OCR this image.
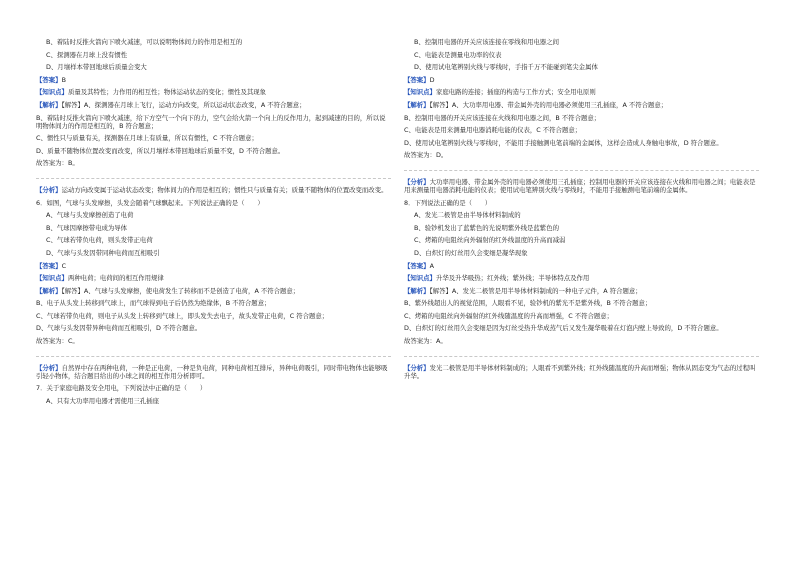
B、着陆时反推火箭向下喷火减速，可以说明物体间力的作用是相互的

C、探测器在月球上没有惯性

D、月壤样本带回地球后质量会变大

【答案】B

【知识点】质量及其特性；力作用的相互性；物体运动状态的变化；惯性及其现象

【解析】【解答】A、探测器在月球上飞行，运动方向改变，所以运动状态改变，A 不符合题意；

B、着陆时反推火箭向下喷火减速，给下方空气一个向下的力，空气会给火箭一个向上的反作用力，起到减速的目的，所以说明物体间力的作用是相互的，B 符合题意；

C、惯性只与质量有关，探测器在月球上有质量，所以有惯性，C 不符合题意；

D、质量不随物体位置改变而改变，所以月壤样本带回地球后质量不变，D 不符合题意。

故答案为：B。

【分析】运动方向改变属于运动状态改变；物体间力的作用是相互的；惯性只与质量有关；质量不随物体的位置改变而改变。

6．如图，气球与头发摩擦，头发会随着气球飘起来。下列说法正确的是（　　）

A、气球与头发摩擦创造了电荷

B、气球因摩擦带电成为导体

C、气球若带负电荷，则头发带正电荷

D、气球与头发因带同种电荷而互相吸引

【答案】C

【知识点】两种电荷；电荷间的相互作用规律

【解析】【解答】A、气球与头发摩擦，使电荷发生了转移而不是创造了电荷，A 不符合题意；

B、电子从头发上转移到气球上，而气球得到电子后仍然为绝缘体，B 不符合题意；

C、气球若带负电荷，则电子从头发上转移到气球上，即头发失去电子，故头发带正电荷，C 符合题意；

D、气球与头发因带异种电荷而互相吸引，D 不符合题意。

故答案为：C。

【分析】自然界中存在两种电荷，一种是正电荷，一种是负电荷，同种电荷相互排斥，异种电荷吸引，同时带电物体也能够吸引轻小物体，结合题目给出的小球之间的相互作用分析即可。

7．关于家庭电路及安全用电，下列说法中正确的是（　　）

A、只有大功率用电器才需使用三孔插座

B、控制用电器的开关应该连接在零线和用电器之间

C、电能表是测量电功率的仪表

D、使用试电笔辨别火线与零线时，手指千万不能碰到笔尖金属体

【答案】D

【知识点】家庭电路的连接；插座的构造与工作方式；安全用电原则

【解析】【解答】A、大功率用电器、带金属外壳的用电器必须使用三孔插座，A 不符合题意；

B、控制用电器的开关应该连接在火线和用电器之间，B 不符合题意；

C、电能表是用来测量用电器消耗电能的仪表，C 不符合题意；

D、使用试电笔辨别火线与零线时，不能用手接触测电笔前端的金属体，这样会造成人身触电事故，D 符合题意。

故答案为：D。

【分析】大功率用电器、带金属外壳的用电器必须使用三孔插座；控制用电器的开关应该连接在火线和用电器之间；电能表是用来测量用电器消耗电能的仪表；使用试电笔辨别火线与零线时，不能用手接触测电笔前端的金属体。

8．下列说法正确的是（　　）

A、发光二极管是由半导体材料制成的

B、验钞机发出了蓝紫色的光说明紫外线是蓝紫色的

C、烤箱的电阻丝向外辐射的红外线温度的升高而减弱

D、白炽灯的灯丝用久会变细是凝华现象

【答案】A

【知识点】升华及升华吸热；红外线；紫外线；半导体特点及作用

【解析】【解答】A、发光二极管是用半导体材料制成的一种电子元件，A 符合题意；

B、紫外线超出人的视觉范围，人眼看不见，验钞机的紫光不是紫外线，B 不符合题意；

C、烤箱的电阻丝向外辐射的红外线随温度的升高而增强，C 不符合题意；

D、白炽灯的灯丝用久会变细是因为灯丝受热升华成蒸气后又发生凝华吸着在灯泡内壁上导致的，D 不符合题意。

故答案为：A。

【分析】发光二极管是用半导体材料制成的；人眼看不到紫外线；红外线随温度的升高而增强；物体从固态变为气态的过程叫升华。
